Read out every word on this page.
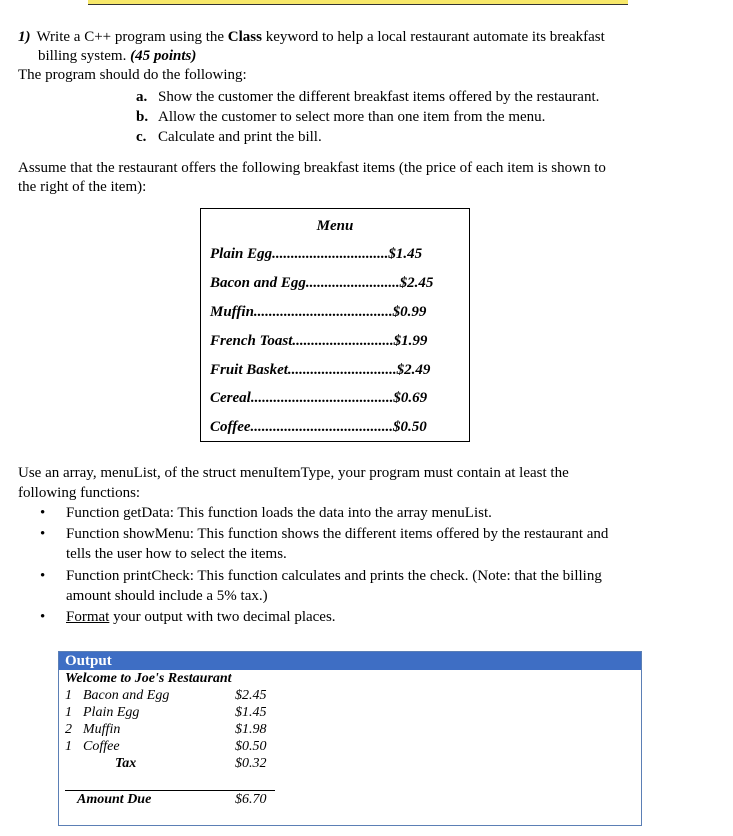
1) Write a C++ program using the Class keyword to help a local restaurant automate its breakfast
billing system. (45 points)
The program should do the following:
a. Show the customer the different breakfast items offered by the restaurant.
b. Allow the customer to select more than one item from the menu.
c. Calculate and print the bill.
Assume that the restaurant offers the following breakfast items (the price of each item is shown to
the right of the item):
Menu
Plain Egg...............................$1.45
Bacon and Egg.........................$2.45
Muffin.....................................$0.99
French Toast...........................$1.99
Fruit Basket.............................$2.49
Cereal......................................$0.69
Coffee......................................$0.50
Use an array, menuList, of the struct menuItemType, your program must contain at least the
following functions:
• Function getData: This function loads the data into the array menuList.
• Function showMenu: This function shows the different items offered by the restaurant and
tells the user how to select the items.
• Function printCheck: This function calculates and prints the check. (Note: that the billing
amount should include a 5% tax.)
• Format your output with two decimal places.
Output
Welcome to Joe's Restaurant
1 Bacon and Egg	$2.45
1 Plain Egg	$1.45
2 Muffin	$1.98
1 Coffee	$0.50
Tax	$0.32
Amount Due	$6.70
